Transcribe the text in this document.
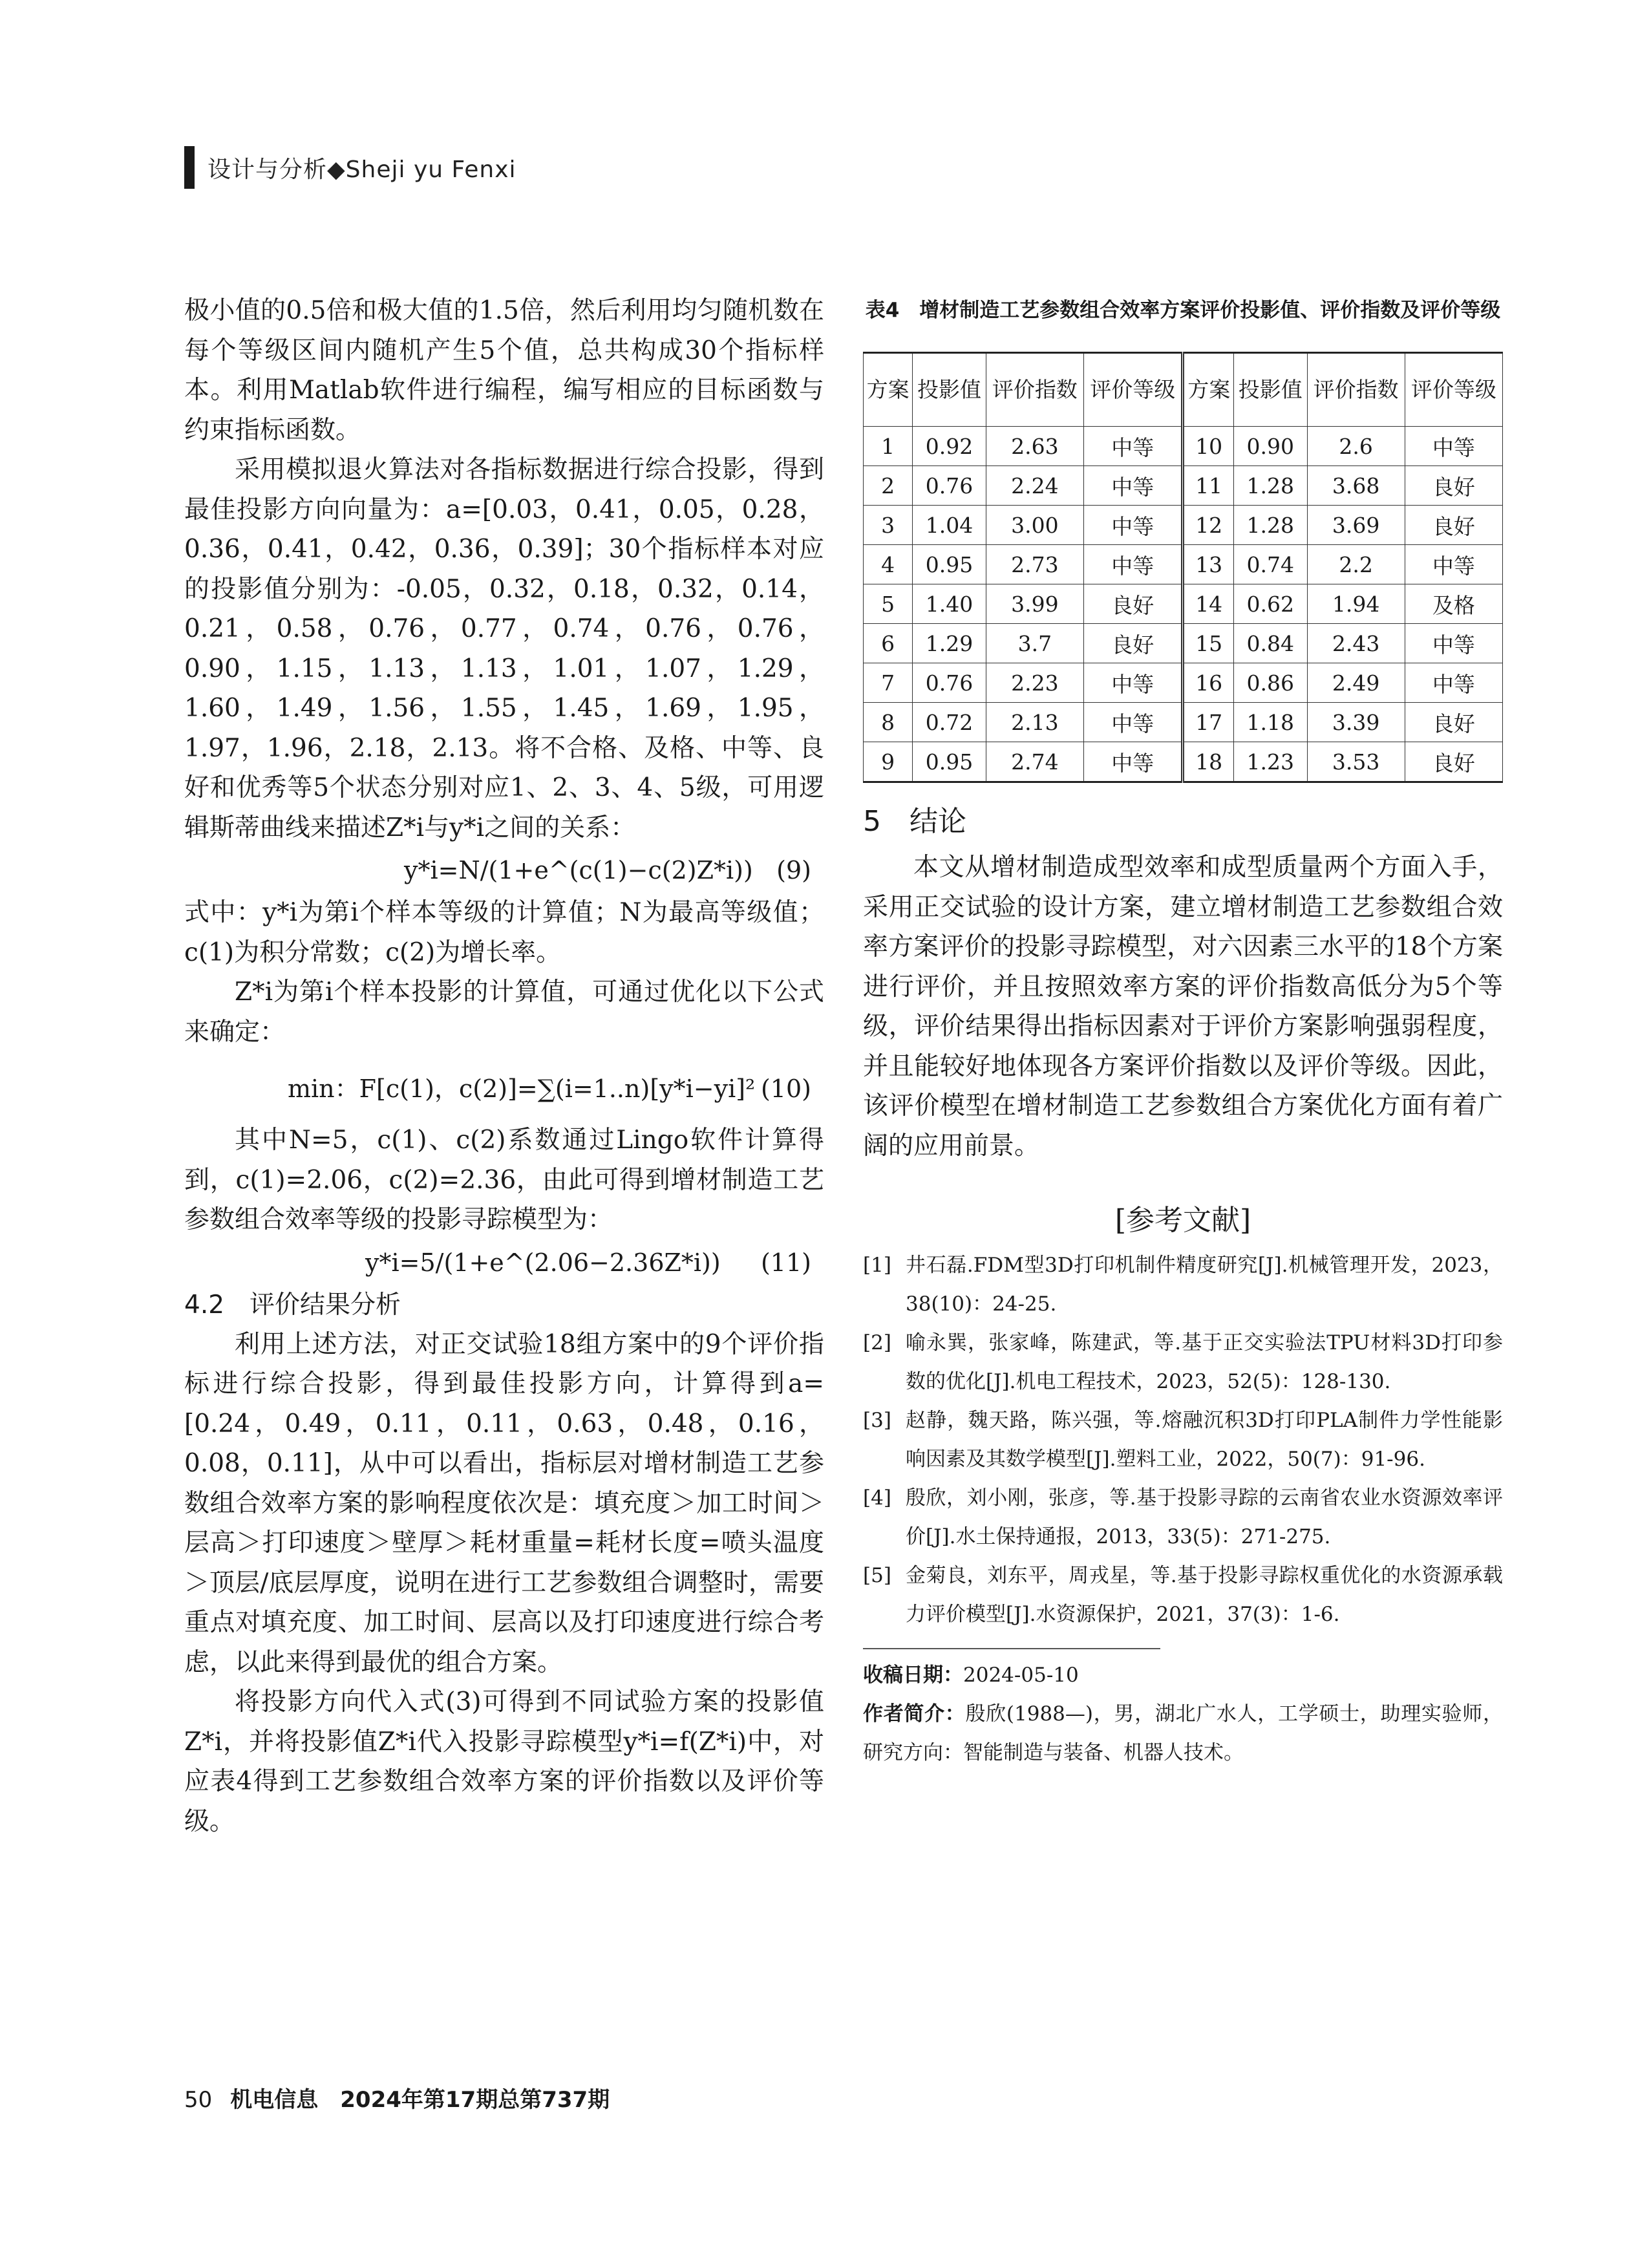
设计与分析◆Sheji yu Fenxi

极小值的0.5倍和极大值的1.5倍，然后利用均匀随机数在每个等级区间内随机产生5个值，总共构成30个指标样本。利用Matlab软件进行编程，编写相应的目标函数与约束指标函数。

采用模拟退火算法对各指标数据进行综合投影，得到最佳投影方向向量为：a=[0.03，0.41，0.05，0.28，0.36，0.41，0.42，0.36，0.39]；30个指标样本对应的投影值分别为：-0.05，0.32，0.18，0.32，0.14，0.21，0.58，0.76，0.77，0.74，0.76，0.76，0.90，1.15，1.13，1.13，1.01，1.07，1.29，1.60，1.49，1.56，1.55，1.45，1.69，1.95，1.97，1.96，2.18，2.13。将不合格、及格、中等、良好和优秀等5个状态分别对应1、2、3、4、5级，可用逻辑斯蒂曲线来描述Z*i与y*i之间的关系：

y*i=N/(1+e^(c(1)−c(2)Z*i)) (9)

式中：y*i为第i个样本等级的计算值；N为最高等级值；c(1)为积分常数；c(2)为增长率。

Z*i为第i个样本投影的计算值，可通过优化以下公式来确定：

min：F[c(1)，c(2)]=∑(i=1..n)[y*i−yi]² (10)

其中N=5，c(1)、c(2)系数通过Lingo软件计算得到，c(1)=2.06，c(2)=2.36，由此可得到增材制造工艺参数组合效率等级的投影寻踪模型为：

y*i=5/(1+e^(2.06−2.36Z*i)) (11)
4.2　评价结果分析

利用上述方法，对正交试验18组方案中的9个评价指标进行综合投影，得到最佳投影方向，计算得到a=[0.24，0.49，0.11，0.11，0.63，0.48，0.16，0.08，0.11]，从中可以看出，指标层对增材制造工艺参数组合效率方案的影响程度依次是：填充度＞加工时间＞层高＞打印速度＞壁厚＞耗材重量=耗材长度=喷头温度＞顶层/底层厚度，说明在进行工艺参数组合调整时，需要重点对填充度、加工时间、层高以及打印速度进行综合考虑，以此来得到最优的组合方案。

将投影方向代入式(3)可得到不同试验方案的投影值Z*i，并将投影值Z*i代入投影寻踪模型y*i=f(Z*i)中，对应表4得到工艺参数组合效率方案的评价指数以及评价等级。

表4　增材制造工艺参数组合效率方案评价投影值、评价指数及评价等级
方案	投影值	评价指数	评价等级	方案	投影值	评价指数	评价等级
1	0.92	2.63	中等	10	0.90	2.6	中等
2	0.76	2.24	中等	11	1.28	3.68	良好
3	1.04	3.00	中等	12	1.28	3.69	良好
4	0.95	2.73	中等	13	0.74	2.2	中等
5	1.40	3.99	良好	14	0.62	1.94	及格
6	1.29	3.7	良好	15	0.84	2.43	中等
7	0.76	2.23	中等	16	0.86	2.49	中等
8	0.72	2.13	中等	17	1.18	3.39	良好
9	0.95	2.74	中等	18	1.23	3.53	良好
5　结论

本文从增材制造成型效率和成型质量两个方面入手，采用正交试验的设计方案，建立增材制造工艺参数组合效率方案评价的投影寻踪模型，对六因素三水平的18个方案进行评价，并且按照效率方案的评价指数高低分为5个等级，评价结果得出指标因素对于评价方案影响强弱程度，并且能较好地体现各方案评价指数以及评价等级。因此，该评价模型在增材制造工艺参数组合方案优化方面有着广阔的应用前景。

[参考文献]
[1] 井石磊.FDM型3D打印机制件精度研究[J].机械管理开发，2023，38(10)：24-25.
[2] 喻永巽，张家峰，陈建武，等.基于正交实验法TPU材料3D打印参数的优化[J].机电工程技术，2023，52(5)：128-130.
[3] 赵静，魏天路，陈兴强，等.熔融沉积3D打印PLA制件力学性能影响因素及其数学模型[J].塑料工业，2022，50(7)：91-96.
[4] 殷欣，刘小刚，张彦，等.基于投影寻踪的云南省农业水资源效率评价[J].水土保持通报，2013，33(5)：271-275.
[5] 金菊良，刘东平，周戎星，等.基于投影寻踪权重优化的水资源承载力评价模型[J].水资源保护，2021，37(3)：1-6.
收稿日期：2024-05-10
作者简介：殷欣(1988—)，男，湖北广水人，工学硕士，助理实验师，研究方向：智能制造与装备、机器人技术。
50 机电信息　2024年第17期总第737期
